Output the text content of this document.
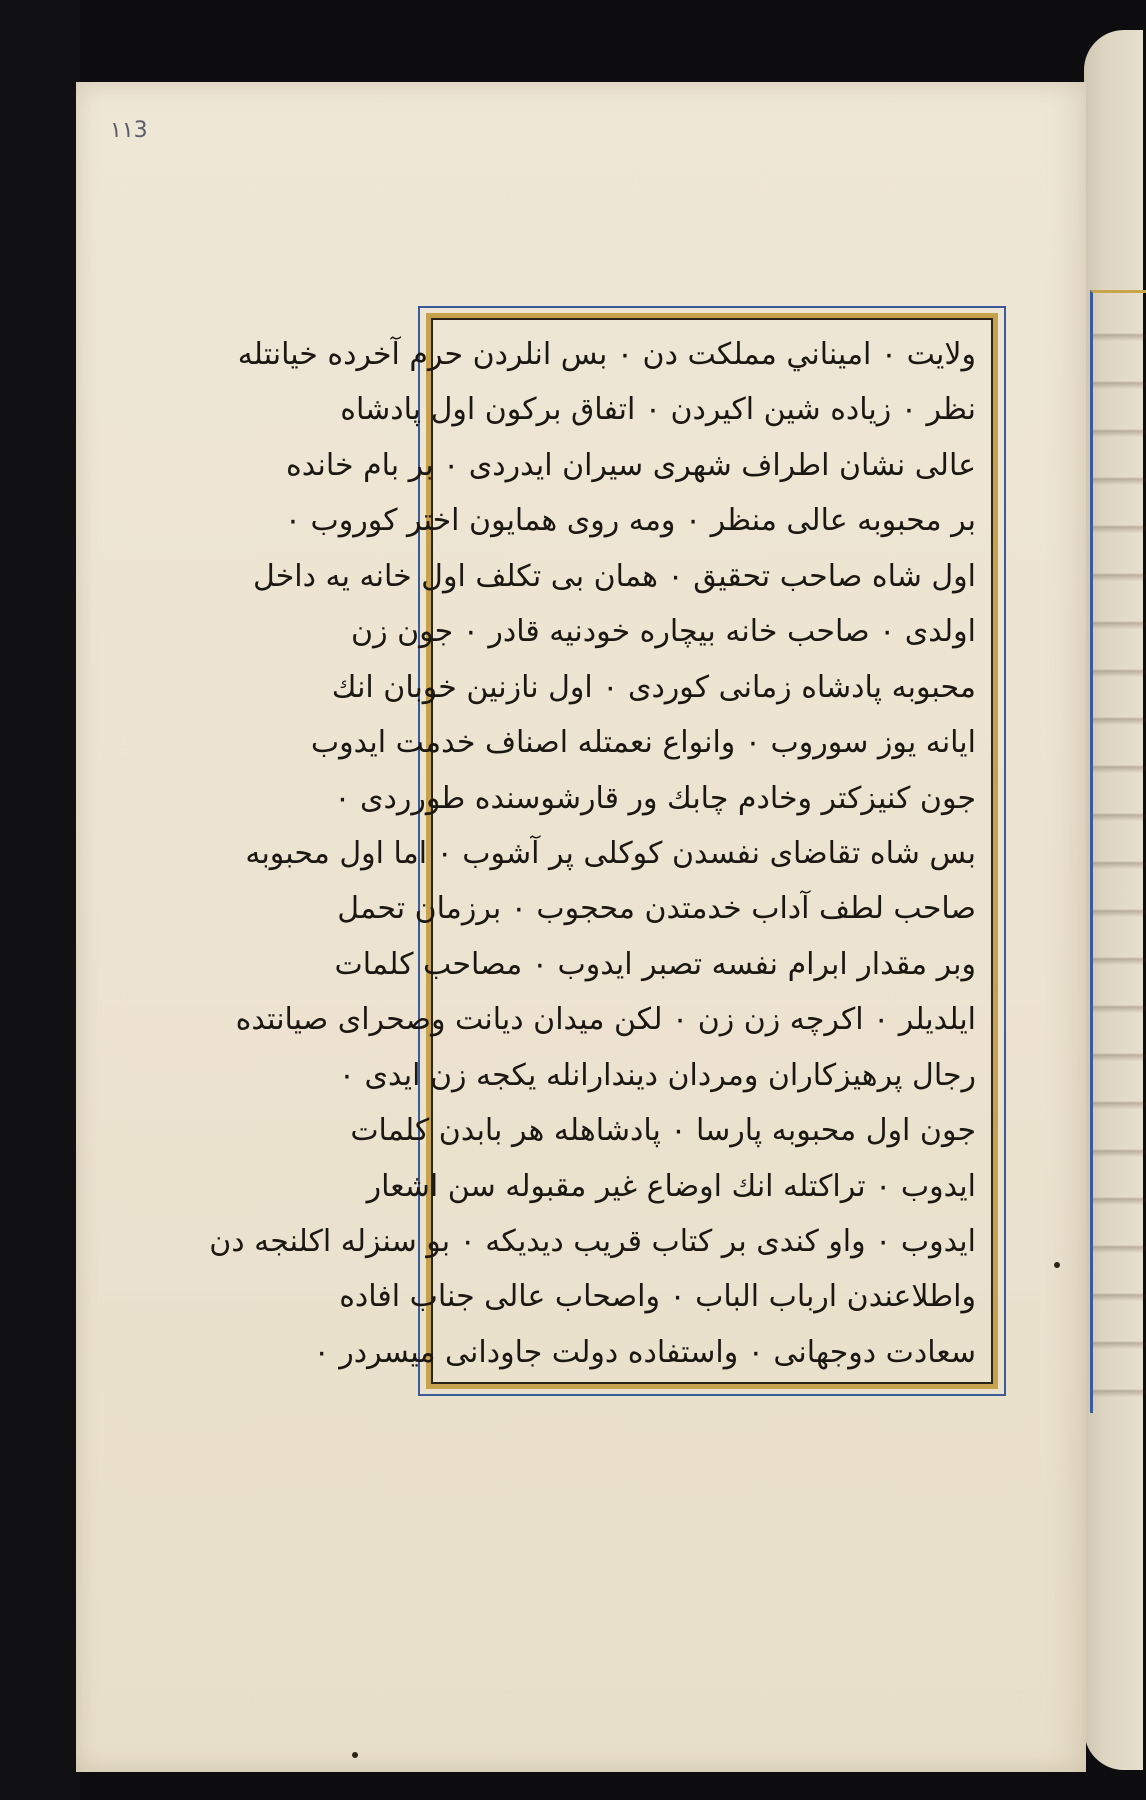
١١3
ولايت ۰ اميناني مملكت دن ۰ بس انلردن حرم آخرده خيانتله
نظر ۰ زياده شين اكيردن ۰ اتفاق بركون اول پادشاه
عالى نشان اطراف شهرى سيران ايدردى ۰ بر بام خانده
بر محبوبه عالى منظر ۰ ومه روى همايون اختر كوروب ۰
اول شاه صاحب تحقيق ۰ همان بى تكلف اول خانه يه داخل
اولدى ۰ صاحب خانه بيچاره خودنيه قادر ۰ جون زن
محبوبه پادشاه زمانى كوردى ۰ اول نازنين خوبان انك
ايانه يوز سوروب ۰ وانواع نعمتله اصناف خدمت ايدوب
جون كنيزكتر وخادم چابك ور قارشوسنده طورردى ۰
بس شاه تقاضاى نفسدن كوكلى پر آشوب ۰ اما اول محبوبه
صاحب لطف آداب خدمتدن محجوب ۰ برزمان تحمل
وبر مقدار ابرام نفسه تصبر ايدوب ۰ مصاحب كلمات
ايلديلر ۰ اكرچه زن زن ۰ لكن ميدان ديانت وصحراى صيانتده
رجال پرهيزكاران ومردان ديندارانله يكجه زن ايدى ۰
جون اول محبوبه پارسا ۰ پادشاهله هر بابدن كلمات
ايدوب ۰ تراكتله انك اوضاع غير مقبوله سن اشعار
ايدوب ۰ واو كندى بر كتاب قريب ديديكه ۰ بو سنزله اكلنجه دن
واطلاعندن ارباب الباب ۰ واصحاب عالى جناب افاده
سعادت دوجهانى ۰ واستفاده دولت جاودانى ميسردر ۰
